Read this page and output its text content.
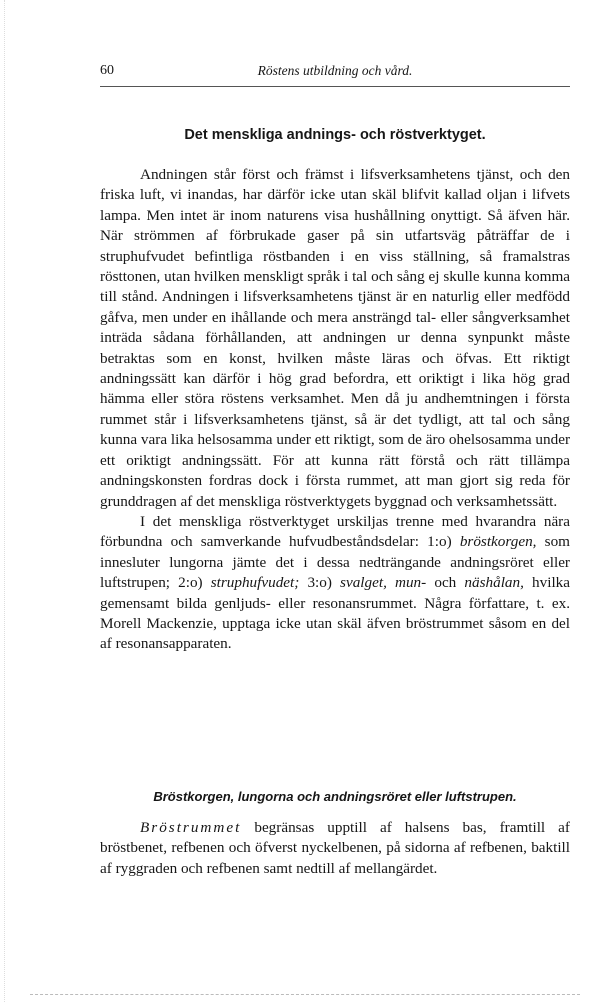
60	Röstens utbildning och vård.
Det menskliga andnings- och röstverktyget.

Andningen står först och främst i lifsverksamhetens tjänst, och den friska luft, vi inandas, har därför icke utan skäl blifvit kallad oljan i lifvets lampa. Men intet är inom naturens visa hushållning onyttigt. Så äfven här. När strömmen af förbrukade gaser på sin utfartsväg påträffar de i struphufvudet befintliga röstbanden i en viss ställning, så framalstras rösttonen, utan hvilken menskligt språk i tal och sång ej skulle kunna komma till stånd. Andningen i lifsverksamhetens tjänst är en naturlig eller medfödd gåfva, men under en ihållande och mera ansträngd tal- eller sångverksamhet inträda sådana förhållanden, att andningen ur denna synpunkt måste betraktas som en konst, hvilken måste läras och öfvas. Ett riktigt andningssätt kan därför i hög grad befordra, ett oriktigt i lika hög grad hämma eller störa röstens verksamhet. Men då ju andhemtningen i första rummet står i lifsverksamhetens tjänst, så är det tydligt, att tal och sång kunna vara lika helsosamma under ett riktigt, som de äro ohelsosamma under ett oriktigt andningssätt. För att kunna rätt förstå och rätt tillämpa andningskonsten fordras dock i första rummet, att man gjort sig reda för grunddragen af det menskliga röstverktygets byggnad och verksamhetssätt.

I det menskliga röstverktyget urskiljas trenne med hvarandra nära förbundna och samverkande hufvudbeståndsdelar: 1:o) bröstkorgen, som innesluter lungorna jämte det i dessa nedträngande andningsröret eller luftstrupen; 2:o) struphufvudet; 3:o) svalget, mun- och näshålan, hvilka gemensamt bilda genljuds- eller resonansrummet. Några författare, t. ex. Morell Mackenzie, upptaga icke utan skäl äfven bröstrummet såsom en del af resonansapparaten.

Bröstkorgen, lungorna och andningsröret eller luftstrupen.

Bröstrummet begränsas upptill af halsens bas, framtill af bröstbenet, refbenen och öfverst nyckelbenen, på sidorna af refbenen, baktill af ryggraden och refbenen samt nedtill af mellangärdet.
